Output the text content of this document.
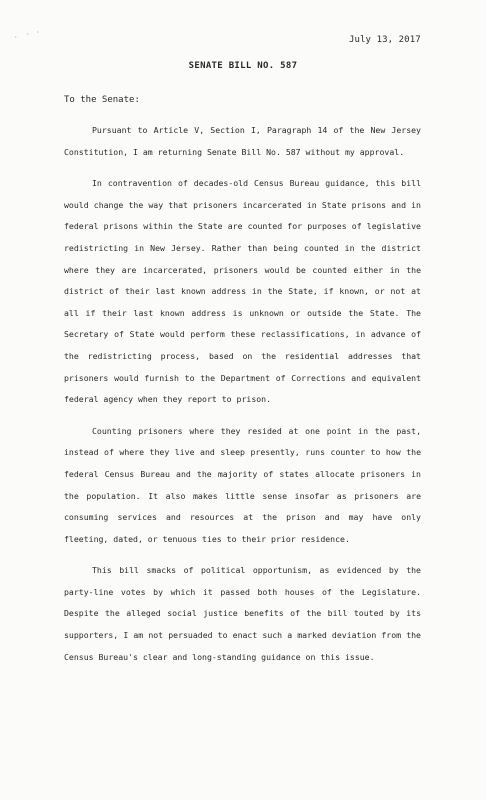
· · ·
July 13, 2017
SENATE BILL NO. 587
To the Senate:

Pursuant to Article V, Section I, Paragraph 14 of the New Jersey Constitution, I am returning Senate Bill No. 587 without my approval.

In contravention of decades-old Census Bureau guidance, this bill would change the way that prisoners incarcerated in State prisons and in federal prisons within the State are counted for purposes of legislative redistricting in New Jersey. Rather than being counted in the district where they are incarcerated, prisoners would be counted either in the district of their last known address in the State, if known, or not at all if their last known address is unknown or outside the State. The Secretary of State would perform these reclassifications, in advance of the redistricting process, based on the residential addresses that prisoners would furnish to the Department of Corrections and equivalent federal agency when they report to prison.

Counting prisoners where they resided at one point in the past, instead of where they live and sleep presently, runs counter to how the federal Census Bureau and the majority of states allocate prisoners in the population. It also makes little sense insofar as prisoners are consuming services and resources at the prison and may have only fleeting, dated, or tenuous ties to their prior residence.

This bill smacks of political opportunism, as evidenced by the party-line votes by which it passed both houses of the Legislature. Despite the alleged social justice benefits of the bill touted by its supporters, I am not persuaded to enact such a marked deviation from the Census Bureau's clear and long-standing guidance on this issue.
